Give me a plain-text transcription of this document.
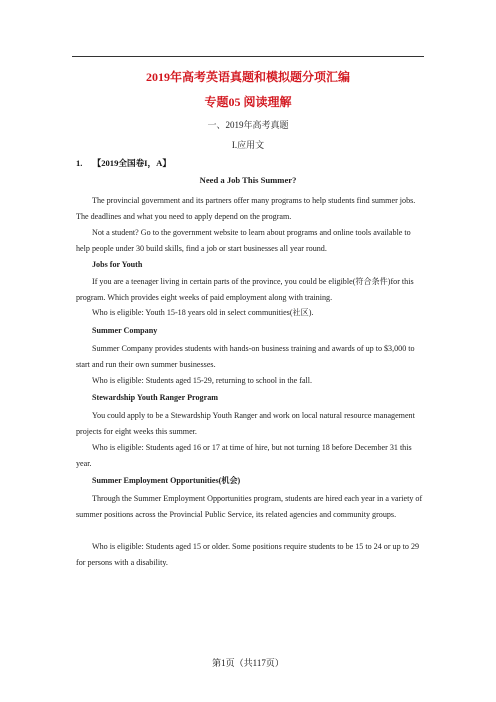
2019年高考英语真题和模拟题分项汇编
专题05 阅读理解
一、2019年高考真题
I.应用文
1. 【2019全国卷I，A】
Need a Job This Summer?
The provincial government and its partners offer many programs to help students find summer jobs. The deadlines and what you need to apply depend on the program.
Not a student? Go to the government website to learn about programs and online tools available to help people under 30 build skills, find a job or start businesses all year round.
Jobs for Youth
If you are a teenager living in certain parts of the province, you could be eligible(符合条件)for this program. Which provides eight weeks of paid employment along with training.
Who is eligible: Youth 15-18 years old in select communities(社区).
Summer Company
Summer Company provides students with hands-on business training and awards of up to $3,000 to start and run their own summer businesses.
Who is eligible: Students aged 15-29, returning to school in the fall.
Stewardship Youth Ranger Program
You could apply to be a Stewardship Youth Ranger and work on local natural resource management projects for eight weeks this summer.
Who is eligible: Students aged 16 or 17 at time of hire, but not turning 18 before December 31 this year.
Summer Employment Opportunities(机会)
Through the Summer Employment Opportunities program, students are hired each year in a variety of summer positions across the Provincial Public Service, its related agencies and community groups.
Who is eligible: Students aged 15 or older. Some positions require students to be 15 to 24 or up to 29 for persons with a disability.
第1页（共117页）
